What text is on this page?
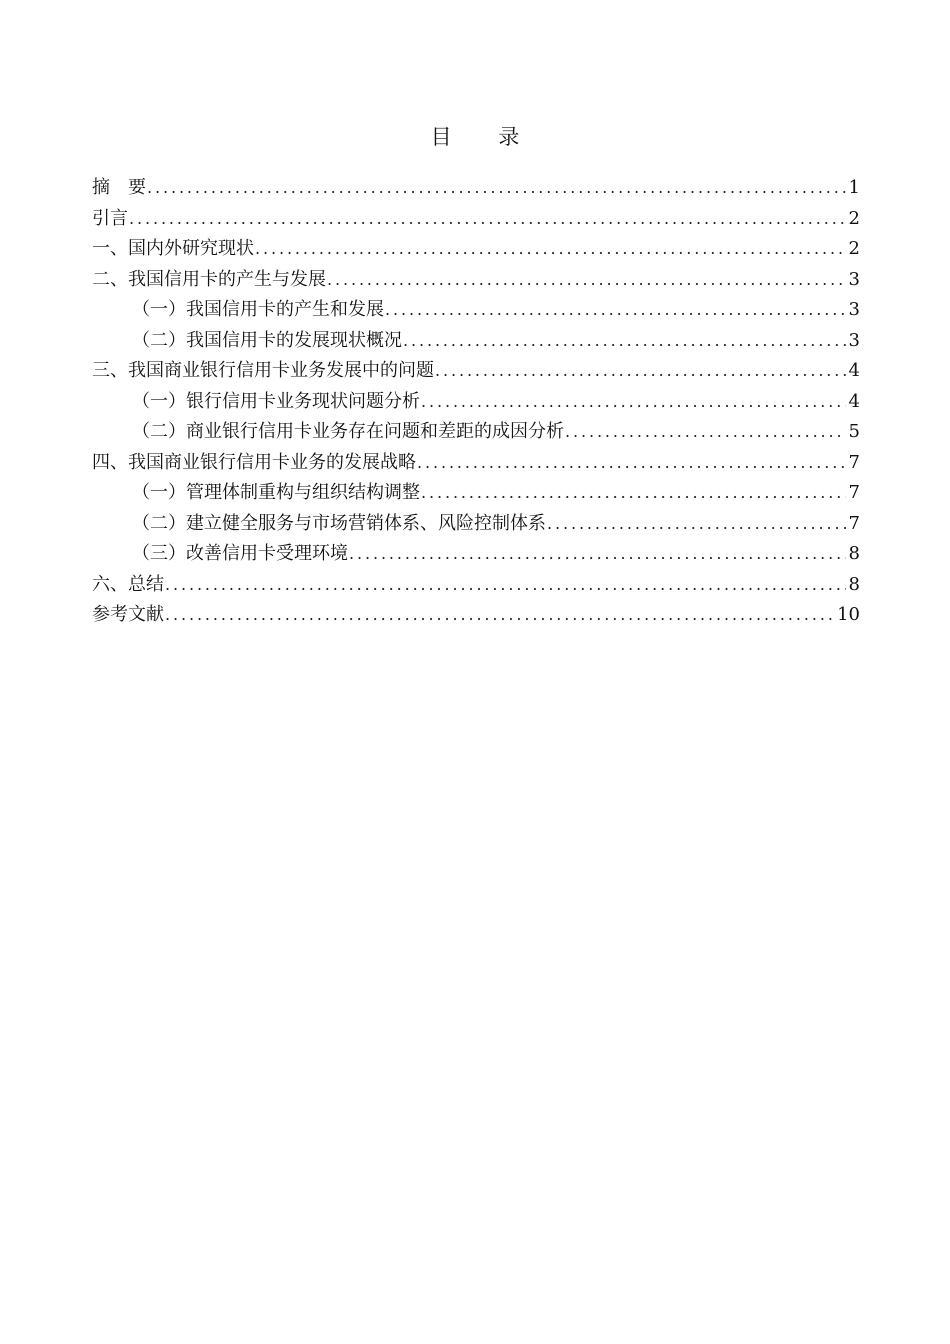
目 录
摘　要 .....	1
引言 .....	2
一、国内外研究现状 .....	2
二、我国信用卡的产生与发展 .....	3
（一）我国信用卡的产生和发展 .....	3
（二）我国信用卡的发展现状概况 .....	3
三、我国商业银行信用卡业务发展中的问题 .....	4
（一）银行信用卡业务现状问题分析 .....	4
（二）商业银行信用卡业务存在问题和差距的成因分析 .....	5
四、我国商业银行信用卡业务的发展战略 .....	7
（一）管理体制重构与组织结构调整 .....	7
（二）建立健全服务与市场营销体系、风险控制体系 .....	7
（三）改善信用卡受理环境 .....	8
六、总结 .....	8
参考文献 .....	10
